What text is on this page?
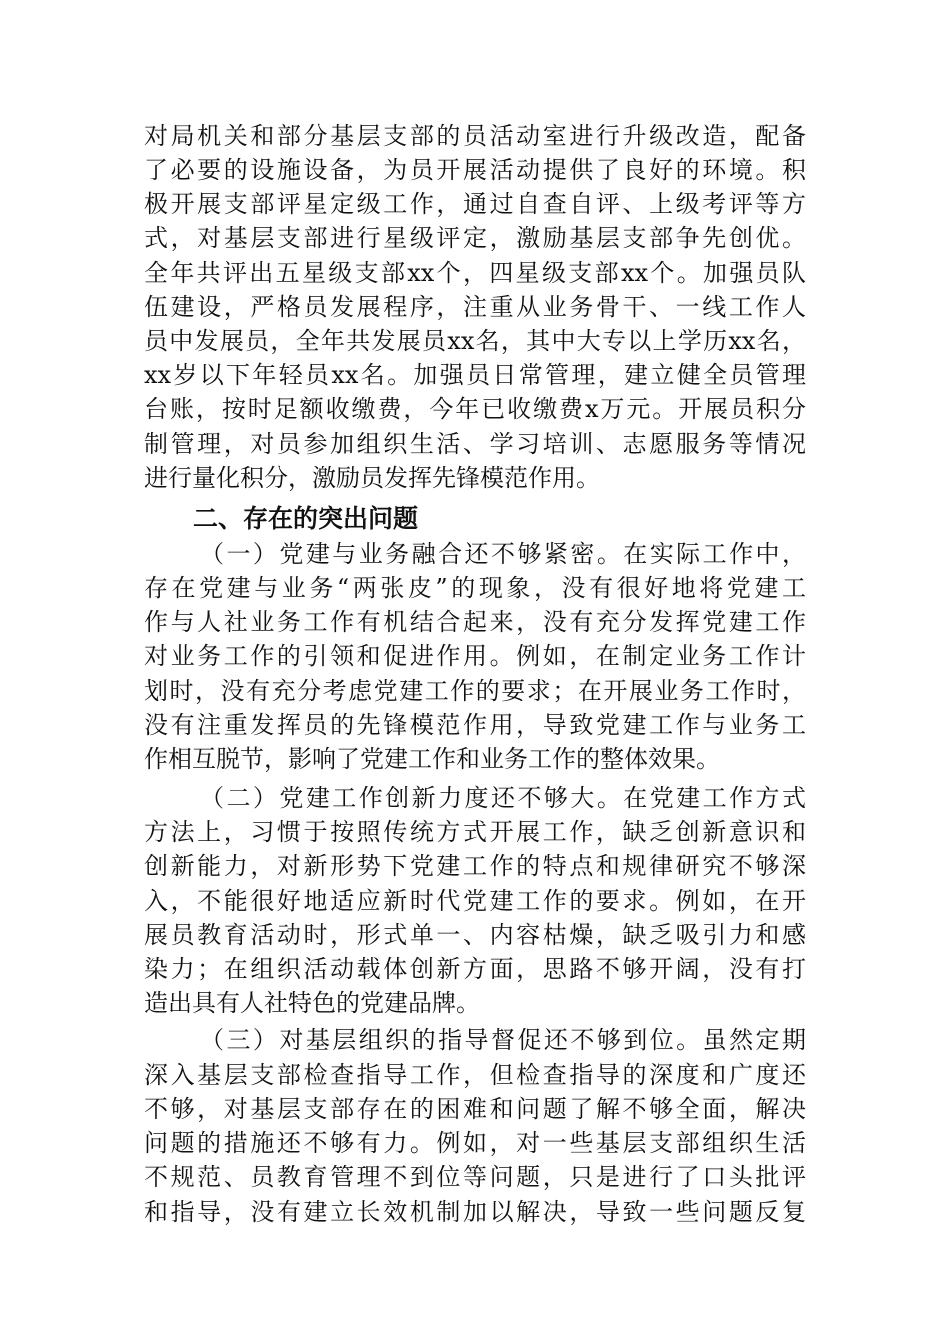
对局机关和部分基层支部的员活动室进行升级改造，配备
了必要的设施设备，为员开展活动提供了良好的环境。积
极开展支部评星定级工作，通过自查自评、上级考评等方
式，对基层支部进行星级评定，激励基层支部争先创优。
全年共评出五星级支部xx个，四星级支部xx个。加强员队
伍建设，严格员发展程序，注重从业务骨干、一线工作人
员中发展员，全年共发展员xx名，其中大专以上学历xx名，
xx岁以下年轻员xx名。加强员日常管理，建立健全员管理
台账，按时足额收缴费，今年已收缴费x万元。开展员积分
制管理，对员参加组织生活、学习培训、志愿服务等情况
进行量化积分，激励员发挥先锋模范作用。
二、存在的突出问题
（一）党建与业务融合还不够紧密。在实际工作中，
存在党建与业务“两张皮”的现象，没有很好地将党建工
作与人社业务工作有机结合起来，没有充分发挥党建工作
对业务工作的引领和促进作用。例如，在制定业务工作计
划时，没有充分考虑党建工作的要求；在开展业务工作时，
没有注重发挥员的先锋模范作用，导致党建工作与业务工
作相互脱节，影响了党建工作和业务工作的整体效果。
（二）党建工作创新力度还不够大。在党建工作方式
方法上，习惯于按照传统方式开展工作，缺乏创新意识和
创新能力，对新形势下党建工作的特点和规律研究不够深
入，不能很好地适应新时代党建工作的要求。例如，在开
展员教育活动时，形式单一、内容枯燥，缺乏吸引力和感
染力；在组织活动载体创新方面，思路不够开阔，没有打
造出具有人社特色的党建品牌。
（三）对基层组织的指导督促还不够到位。虽然定期
深入基层支部检查指导工作，但检查指导的深度和广度还
不够，对基层支部存在的困难和问题了解不够全面，解决
问题的措施还不够有力。例如，对一些基层支部组织生活
不规范、员教育管理不到位等问题，只是进行了口头批评
和指导，没有建立长效机制加以解决，导致一些问题反复
